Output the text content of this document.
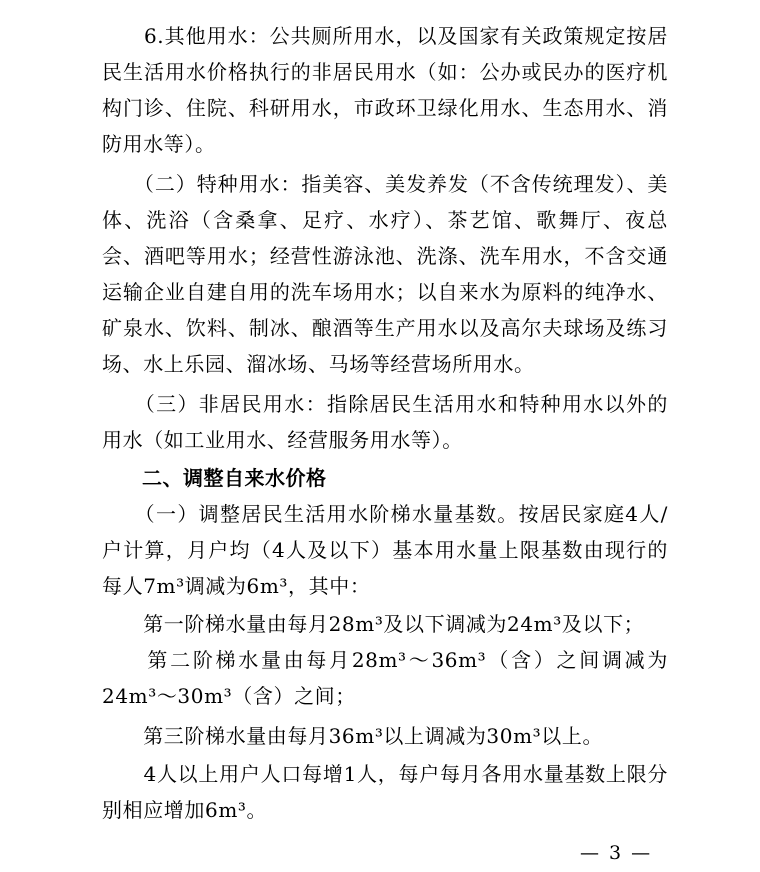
　　6.其他用水：公共厕所用水，以及国家有关政策规定按居民生活用水价格执行的非居民用水（如：公办或民办的医疗机构门诊、住院、科研用水，市政环卫绿化用水、生态用水、消防用水等）。

　　（二）特种用水：指美容、美发养发（不含传统理发）、美体、洗浴（含桑拿、足疗、水疗）、茶艺馆、歌舞厅、夜总会、酒吧等用水；经营性游泳池、洗涤、洗车用水，不含交通运输企业自建自用的洗车场用水；以自来水为原料的纯净水、矿泉水、饮料、制冰、酿酒等生产用水以及高尔夫球场及练习场、水上乐园、溜冰场、马场等经营场所用水。

　　（三）非居民用水：指除居民生活用水和特种用水以外的用水（如工业用水、经营服务用水等）。

二、调整自来水价格

　　（一）调整居民生活用水阶梯水量基数。按居民家庭4人/户计算，月户均（4人及以下）基本用水量上限基数由现行的每人7m³调减为6m³，其中：

　　第一阶梯水量由每月28m³及以下调减为24m³及以下；

　　第二阶梯水量由每月28m³～36m³（含）之间调减为24m³～30m³（含）之间；

　　第三阶梯水量由每月36m³以上调减为30m³以上。

　　4人以上用户人口每增1人，每户每月各用水量基数上限分别相应增加6m³。

— 3 —
